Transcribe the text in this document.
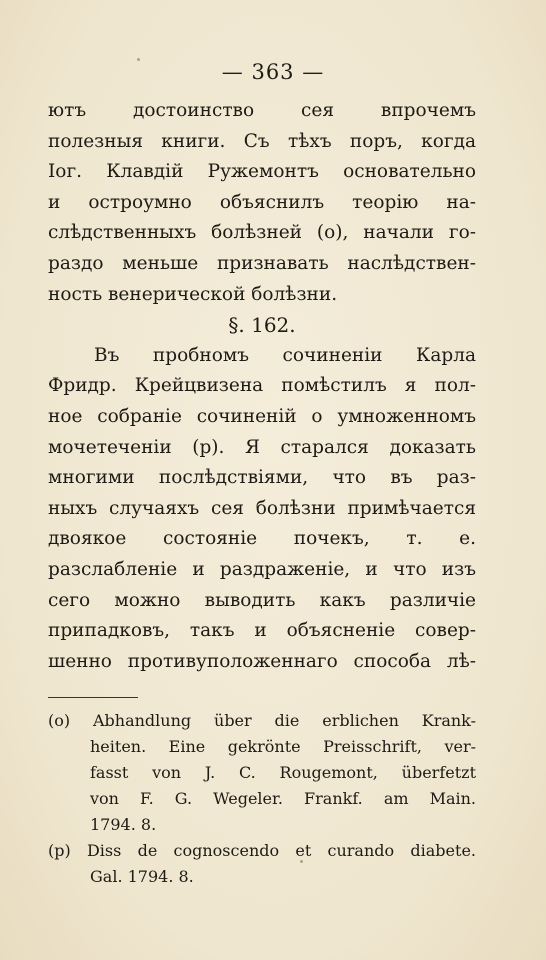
— 363 —
ютъ достоинство сея впрочемъ
полезныя книги. Съ тѣхъ поръ, когда
Іог. Клавдій Ружемонтъ основательно
и остроумно объяснилъ теорію на-
слѣдственныхъ болѣзней (о), начали го-
раздо меньше признавать наслѣдствен-
ность венерической болѣзни.
§. 162.
Въ пробномъ сочиненіи Карла
Фридр. Крейцвизена помѣстилъ я пол-
ное собраніе сочиненій о умноженномъ
мочетеченіи (р). Я старался доказать
многими послѣдствіями, что въ раз-
ныхъ случаяхъ сея болѣзни примѣчается
двоякое состояніе почекъ, т. е.
разслабленіе и раздраженіе, и что изъ
сего можно выводить какъ различіе
припадковъ, такъ и объясненіе совер-
шенно противуположеннаго способа лѣ-
(o) Abhandlung über die erblichen Krank-
heiten. Eine gekrönte Preisschrift, ver-
fasst von J. C. Rougemont, überfetzt
von F. G. Wegeler. Frankf. am Main.
1794. 8.
(p) Diss de cognoscendo et curando diabete.
Gal. 1794. 8.
